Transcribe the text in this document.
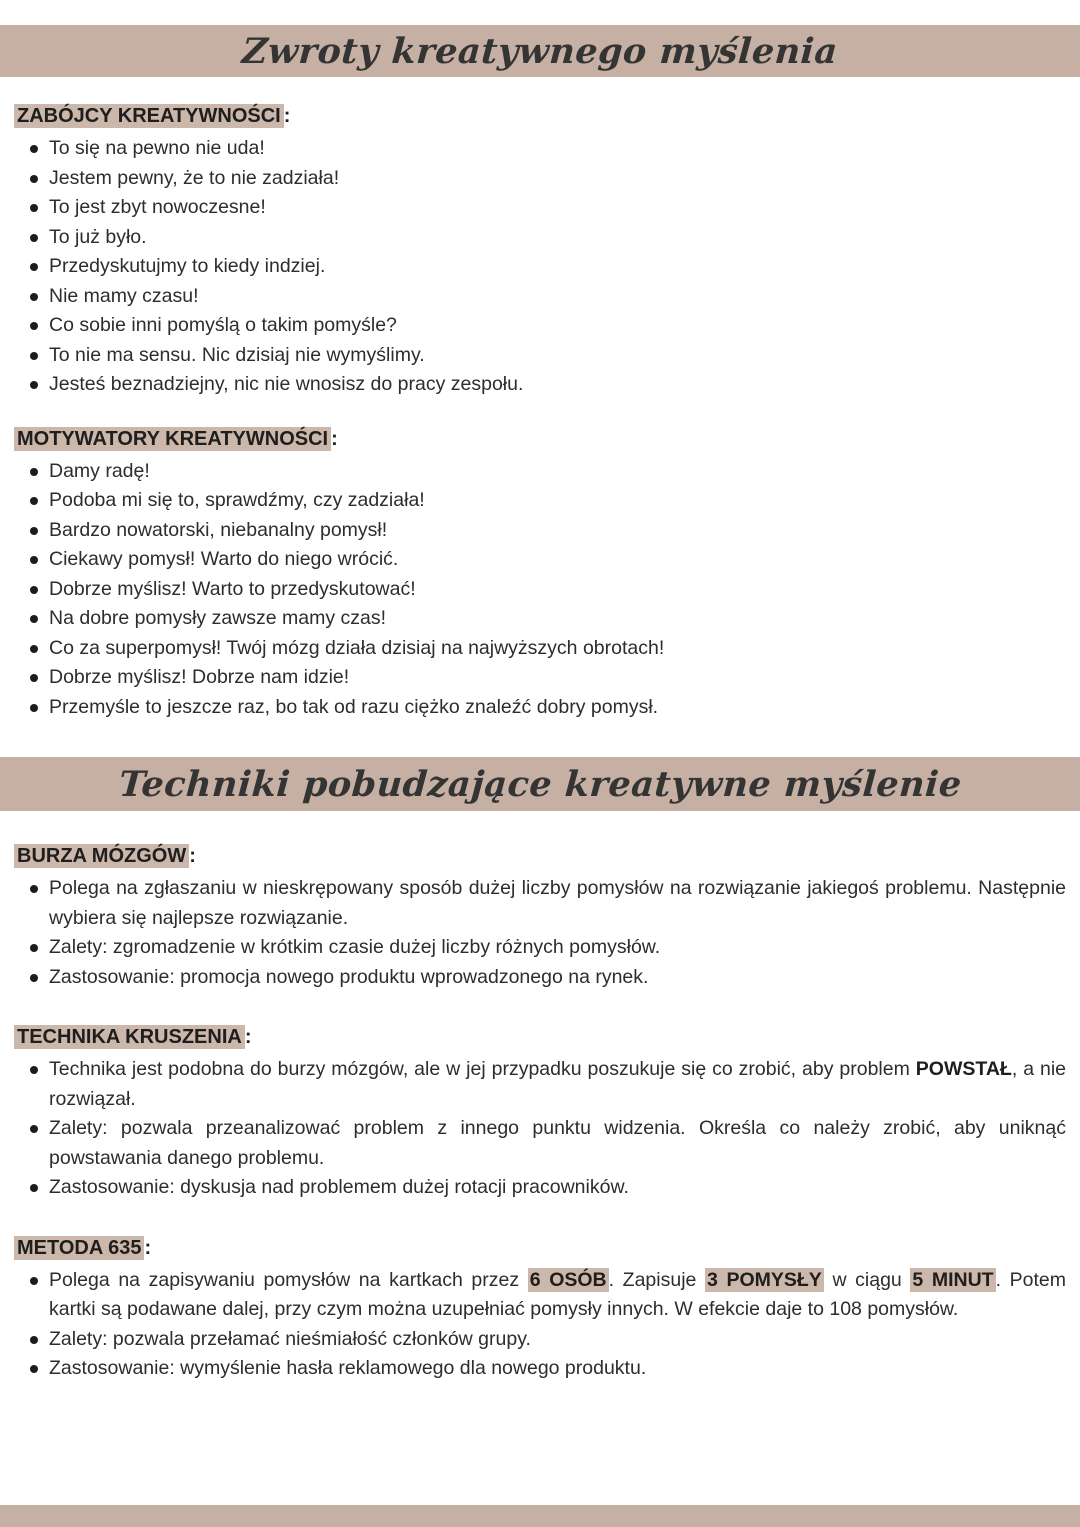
Zwroty kreatywnego myślenia
ZABÓJCY KREATYWNOŚCI :
To się na pewno nie uda!
Jestem pewny, że to nie zadziała!
To jest zbyt nowoczesne!
To już było.
Przedyskutujmy to kiedy indziej.
Nie mamy czasu!
Co sobie inni pomyślą o takim pomyśle?
To nie ma sensu. Nic dzisiaj nie wymyślimy.
Jesteś beznadziejny, nic nie wnosisz do pracy zespołu.
MOTYWATORY KREATYWNOŚCI :
Damy radę!
Podoba mi się to, sprawdźmy, czy zadziała!
Bardzo nowatorski, niebanalny pomysł!
Ciekawy pomysł! Warto do niego wrócić.
Dobrze myślisz! Warto to przedyskutować!
Na dobre pomysły zawsze mamy czas!
Co za superpomysł! Twój mózg działa dzisiaj na najwyższych obrotach!
Dobrze myślisz! Dobrze nam idzie!
Przemyśle to jeszcze raz, bo tak od razu ciężko znaleźć dobry pomysł.
Techniki pobudzające kreatywne myślenie
BURZA MÓZGÓW :
Polega na zgłaszaniu w nieskrępowany sposób dużej liczby pomysłów na rozwiązanie jakiegoś problemu. Następnie wybiera się najlepsze rozwiązanie.
Zalety: zgromadzenie w krótkim czasie dużej liczby różnych pomysłów.
Zastosowanie: promocja nowego produktu wprowadzonego na rynek.
TECHNIKA KRUSZENIA :
Technika jest podobna do burzy mózgów, ale w jej przypadku poszukuje się co zrobić, aby problem POWSTAŁ, a nie rozwiązał.
Zalety: pozwala przeanalizować problem z innego punktu widzenia. Określa co należy zrobić, aby uniknąć powstawania danego problemu.
Zastosowanie: dyskusja nad problemem dużej rotacji pracowników.
METODA 635 :
Polega na zapisywaniu pomysłów na kartkach przez 6 OSÓB . Zapisuje 3 POMYSŁY w ciągu 5 MINUT . Potem kartki są podawane dalej, przy czym można uzupełniać pomysły innych. W efekcie daje to 108 pomysłów.
Zalety: pozwala przełamać nieśmiałość członków grupy.
Zastosowanie: wymyślenie hasła reklamowego dla nowego produktu.
